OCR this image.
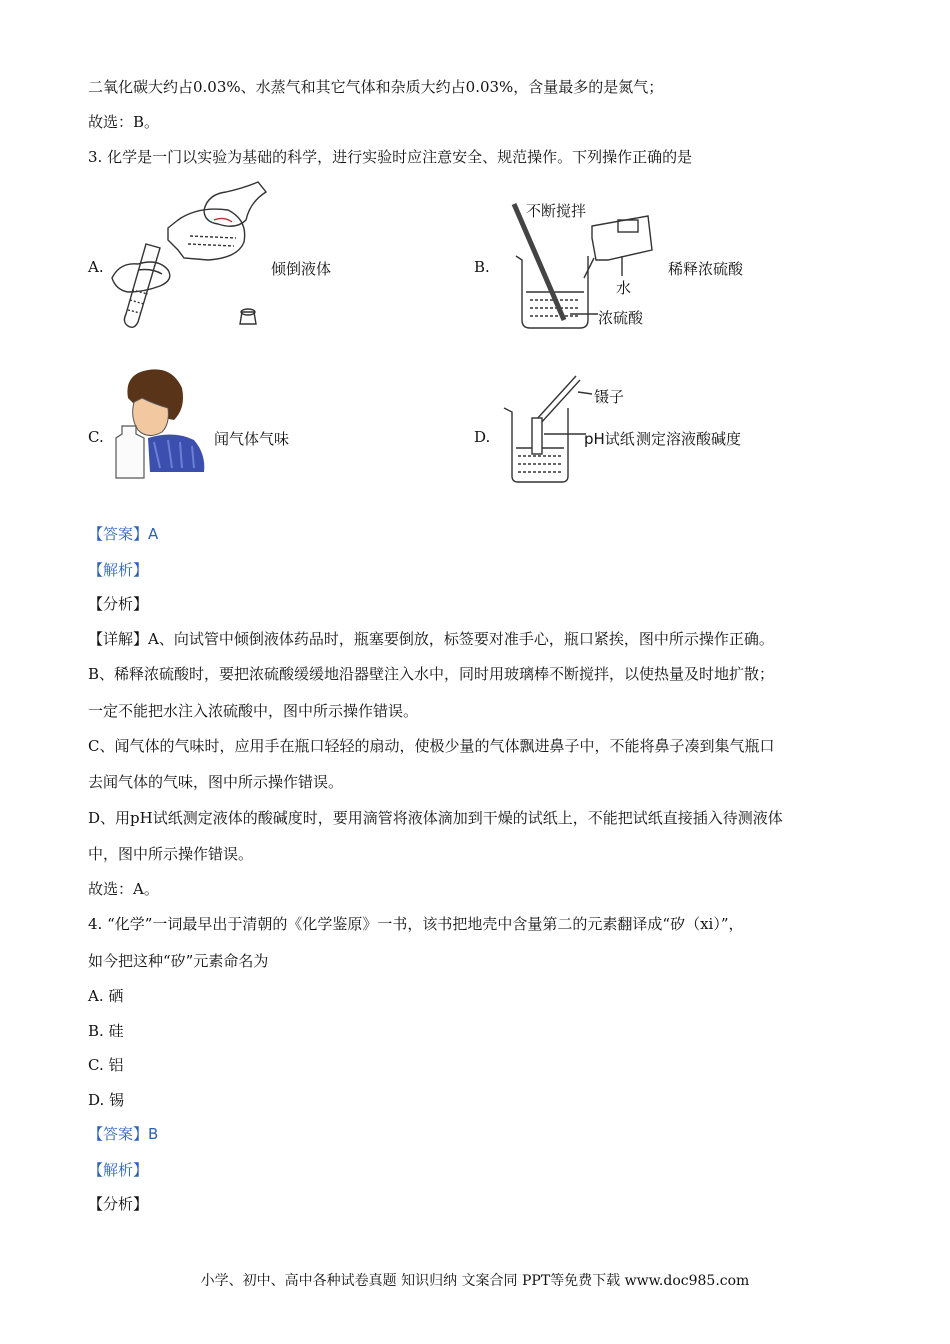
二氧化碳大约占0.03%、水蒸气和其它气体和杂质大约占0.03%，含量最多的是氮气；
故选：B。
3. 化学是一门以实验为基础的科学，进行实验时应注意安全、规范操作。下列操作正确的是
A.	倾倒液体	B.
不断搅拌
水
浓硫酸
稀释浓硫酸
C.	闻气体气味	D.
镊子
pH试纸 测定溶液酸碱度
【答案】A
【解析】
【分析】
【详解】A、向试管中倾倒液体药品时，瓶塞要倒放，标签要对准手心，瓶口紧挨，图中所示操作正确。
B、稀释浓硫酸时，要把浓硫酸缓缓地沿器壁注入水中，同时用玻璃棒不断搅拌，以使热量及时地扩散；
一定不能把水注入浓硫酸中，图中所示操作错误。
C、闻气体的气味时，应用手在瓶口轻轻的扇动，使极少量的气体飘进鼻子中，不能将鼻子凑到集气瓶口
去闻气体的气味，图中所示操作错误。
D、用pH试纸测定液体的酸碱度时，要用滴管将液体滴加到干燥的试纸上，不能把试纸直接插入待测液体
中，图中所示操作错误。
故选：A。
4. “化学”一词最早出于清朝的《化学鉴原》一书，该书把地壳中含量第二的元素翻译成“矽（xi）”，
如今把这种“矽”元素命名为
A. 硒
B. 硅
C. 铝
D. 锡
【答案】B
【解析】
【分析】
小学、初中、高中各种试卷真题 知识归纳 文案合同 PPT等免费下载 www.doc985.com
